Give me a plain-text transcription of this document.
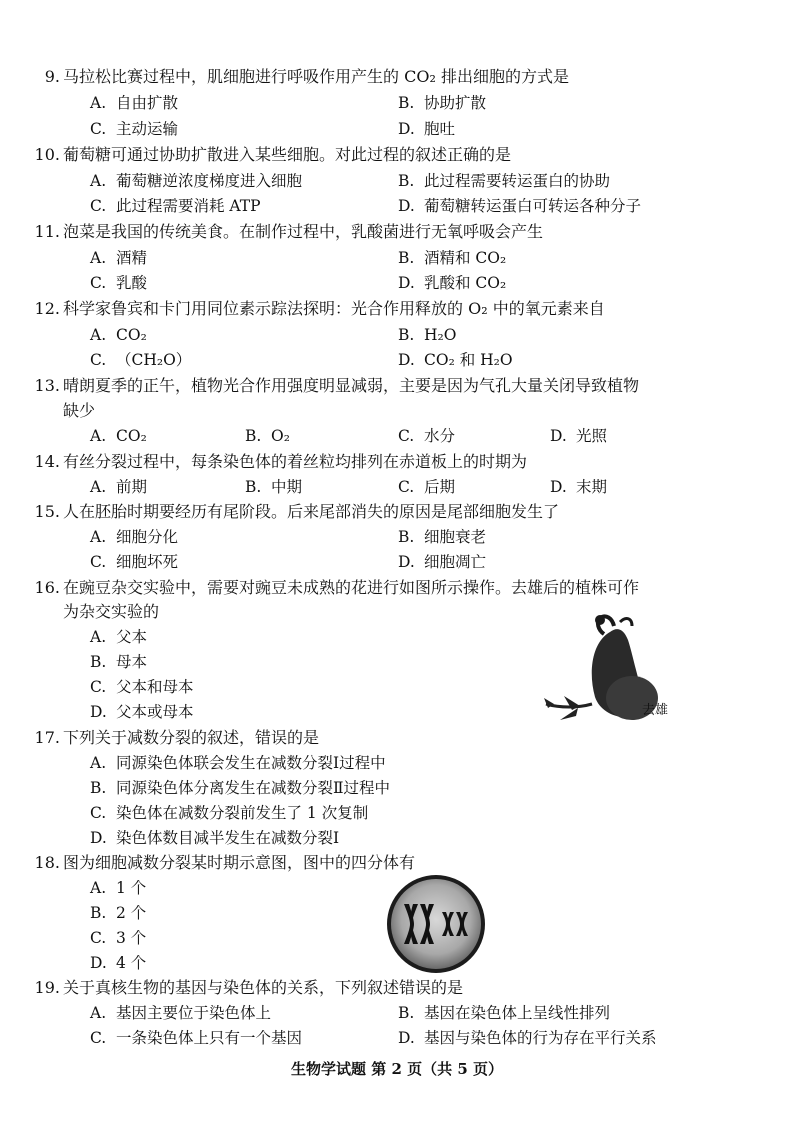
9. 马拉松比赛过程中，肌细胞进行呼吸作用产生的 CO₂ 排出细胞的方式是
A. 自由扩散	B. 协助扩散
C. 主动运输	D. 胞吐
10. 葡萄糖可通过协助扩散进入某些细胞。对此过程的叙述正确的是
A. 葡萄糖逆浓度梯度进入细胞	B. 此过程需要转运蛋白的协助
C. 此过程需要消耗 ATP	D. 葡萄糖转运蛋白可转运各种分子
11. 泡菜是我国的传统美食。在制作过程中，乳酸菌进行无氧呼吸会产生
A. 酒精	B. 酒精和 CO₂
C. 乳酸	D. 乳酸和 CO₂
12. 科学家鲁宾和卡门用同位素示踪法探明：光合作用释放的 O₂ 中的氧元素来自
A. CO₂	B. H₂O
C. （CH₂O）	D. CO₂ 和 H₂O
13. 晴朗夏季的正午，植物光合作用强度明显减弱，主要是因为气孔大量关闭导致植物
缺少
A. CO₂	B. O₂	C. 水分	D. 光照
14. 有丝分裂过程中，每条染色体的着丝粒均排列在赤道板上的时期为
A. 前期	B. 中期	C. 后期	D. 末期
15. 人在胚胎时期要经历有尾阶段。后来尾部消失的原因是尾部细胞发生了
A. 细胞分化	B. 细胞衰老
C. 细胞坏死	D. 细胞凋亡
16. 在豌豆杂交实验中，需要对豌豆未成熟的花进行如图所示操作。去雄后的植株可作
为杂交实验的
A. 父本
B. 母本
C. 父本和母本
D. 父本或母本	去雄
17. 下列关于减数分裂的叙述，错误的是
A. 同源染色体联会发生在减数分裂Ⅰ过程中
B. 同源染色体分离发生在减数分裂Ⅱ过程中
C. 染色体在减数分裂前发生了 1 次复制
D. 染色体数目减半发生在减数分裂Ⅰ
18. 图为细胞减数分裂某时期示意图，图中的四分体有
A. 1 个
B. 2 个
C. 3 个
D. 4 个
19. 关于真核生物的基因与染色体的关系，下列叙述错误的是
A. 基因主要位于染色体上	B. 基因在染色体上呈线性排列
C. 一条染色体上只有一个基因	D. 基因与染色体的行为存在平行关系
生物学试题 第 2 页（共 5 页）
